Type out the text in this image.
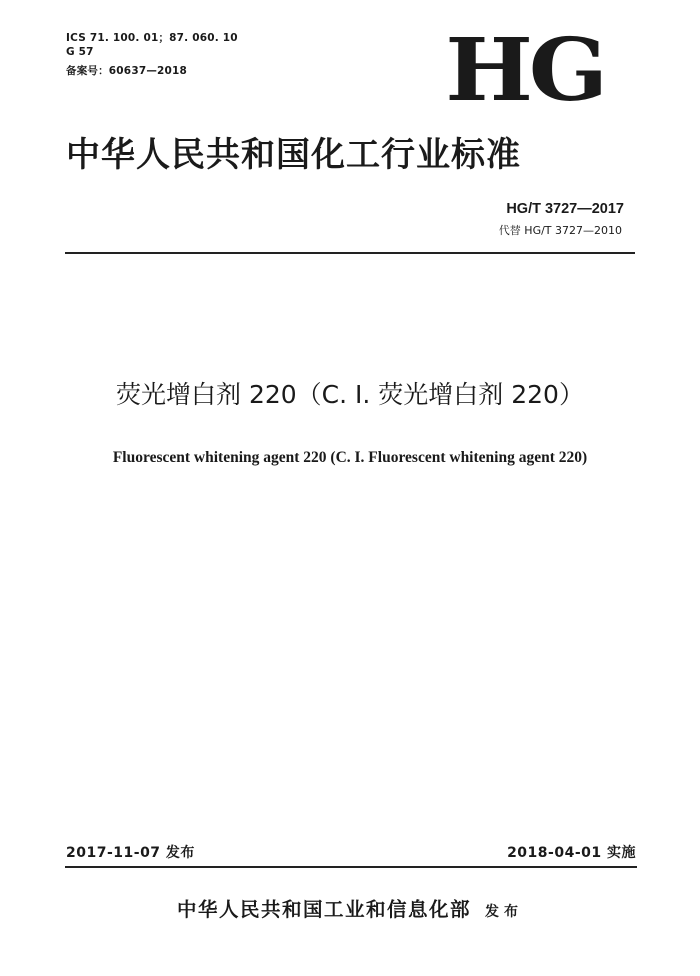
ICS 71. 100. 01；87. 060. 10
G 57
备案号：60637—2018	HG
中华人民共和国化工行业标准
HG/T 3727—2017
代替 HG/T 3727—2010
荧光增白剂 220（C. I. 荧光增白剂 220）
Fluorescent whitening agent 220 (C. I. Fluorescent whitening agent 220)
2017-11-07 发布	2018-04-01 实施
中华人民共和国工业和信息化部 发布
